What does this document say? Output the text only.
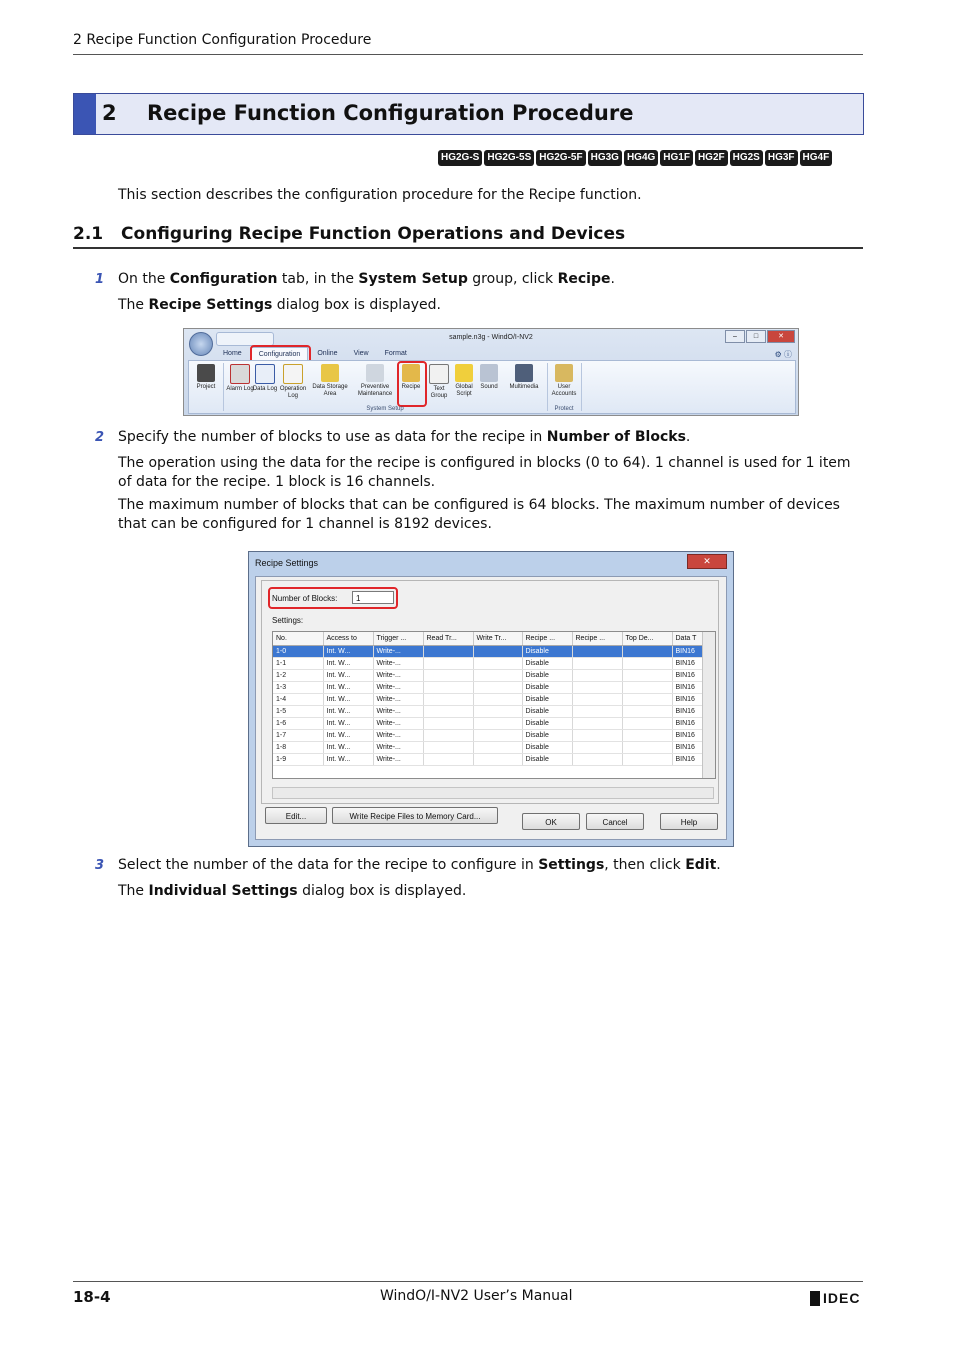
2 Recipe Function Configuration Procedure
2 Recipe Function Configuration Procedure
HG2G-S HG2G-5S HG2G-5F HG3G HG4G HG1F HG2F HG2S HG3F HG4F
This section describes the configuration procedure for the Recipe function.
2.1 Configuring Recipe Function Operations and Devices
1 On the Configuration tab, in the System Setup group, click Recipe.
The Recipe Settings dialog box is displayed.
sample.n3g - WindO/I-NV2	–	□	✕
Home	Configuration	Online	View	Format	⚙ ⓘ
Project	Alarm Log Data Log Operation Log
Data Storage Area
Preventive Maintenance
Recipe	Text Group
Global Script
Sound	Multimedia
System Setup
User Accounts
Protect
2 Specify the number of blocks to use as data for the recipe in Number of Blocks.
The operation using the data for the recipe is configured in blocks (0 to 64). 1 channel is used for 1 item of data for the recipe. 1 block is 16 channels.
The maximum number of blocks that can be configured is 64 blocks. The maximum number of devices that can be configured for 1 channel is 8192 devices.
Recipe Settings	✕
Number of Blocks:	1
Settings:
No.	Access to	Trigger ...	Read Tr...	Write Tr...	Recipe ...	Recipe ...	Top De...	Data T
1-0	Int. W...	Write-...			Disable			BIN16
1-1	Int. W...	Write-...			Disable			BIN16
1-2	Int. W...	Write-...			Disable			BIN16
1-3	Int. W...	Write-...			Disable			BIN16
1-4	Int. W...	Write-...			Disable			BIN16
1-5	Int. W...	Write-...			Disable			BIN16
1-6	Int. W...	Write-...			Disable			BIN16
1-7	Int. W...	Write-...			Disable			BIN16
1-8	Int. W...	Write-...			Disable			BIN16
1-9	Int. W...	Write-...			Disable			BIN16
Edit...	Write Recipe Files to Memory Card...
OK	Cancel	Help
3 Select the number of the data for the recipe to configure in Settings, then click Edit.
The Individual Settings dialog box is displayed.
18-4	WindO/I-NV2 User’s Manual	IDEC
